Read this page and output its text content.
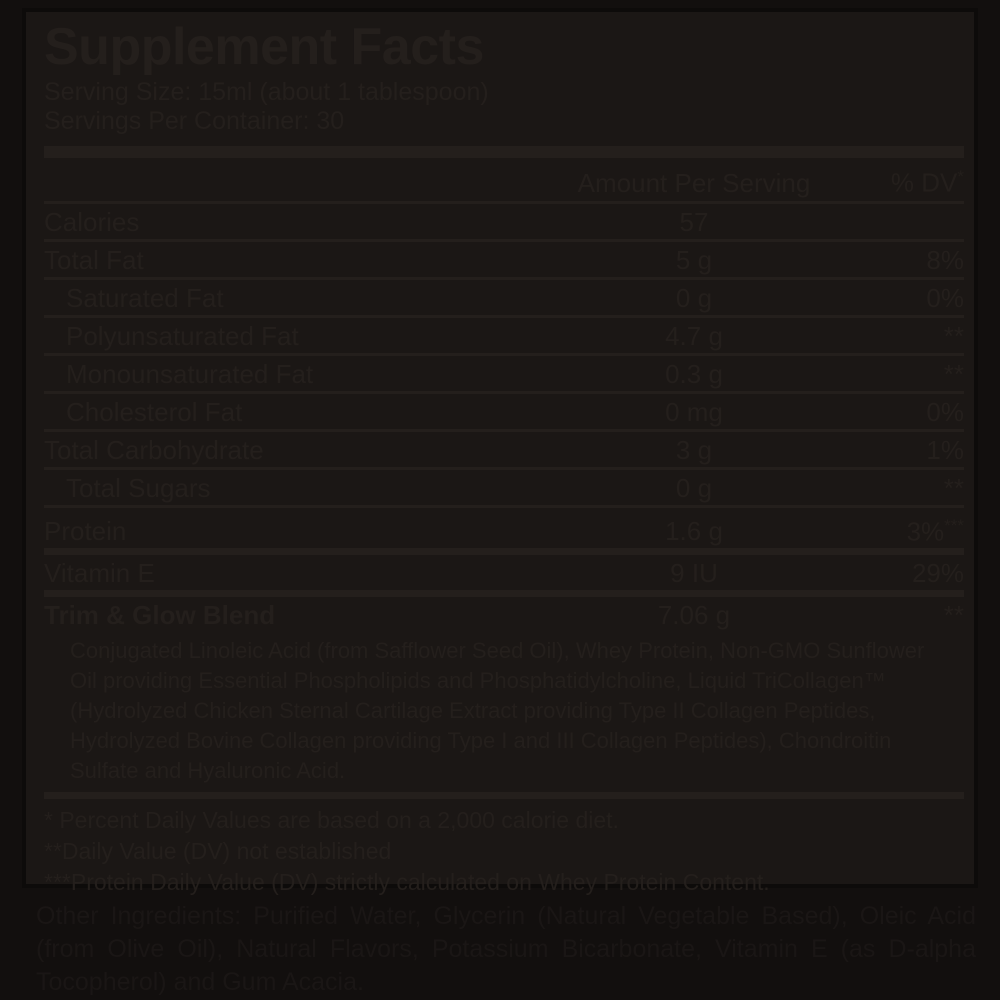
Supplement Facts
Serving Size: 15ml (about 1 tablespoon)
Servings Per Container: 30
Amount Per Serving	% DV*
Calories	57
Total Fat	5 g	8%
Saturated Fat	0 g	0%
Polyunsaturated Fat	4.7 g	**
Monounsaturated Fat	0.3 g	**
Cholesterol Fat	0 mg	0%
Total Carbohydrate	3 g	1%
Total Sugars	0 g	**
Protein	1.6 g	3%***
Vitamin E	9 IU	29%
Trim & Glow Blend	7.06 g	**
Conjugated Linoleic Acid (from Safflower Seed Oil), Whey Protein, Non-GMO Sunflower Oil providing Essential Phospholipids and Phosphatidylcholine, Liquid TriCollagen™ (Hydrolyzed Chicken Sternal Cartilage Extract providing Type II Collagen Peptides, Hydrolyzed Bovine Collagen providing Type I and III Collagen Peptides), Chondroitin Sulfate and Hyaluronic Acid.
* Percent Daily Values are based on a 2,000 calorie diet.
**Daily Value (DV) not established
***Protein Daily Value (DV) strictly calculated on Whey Protein Content.
Other Ingredients: Purified Water, Glycerin (Natural Vegetable Based), Oleic Acid (from Olive Oil), Natural Flavors, Potassium Bicarbonate, Vitamin E (as D-alpha Tocopherol) and Gum Acacia.
